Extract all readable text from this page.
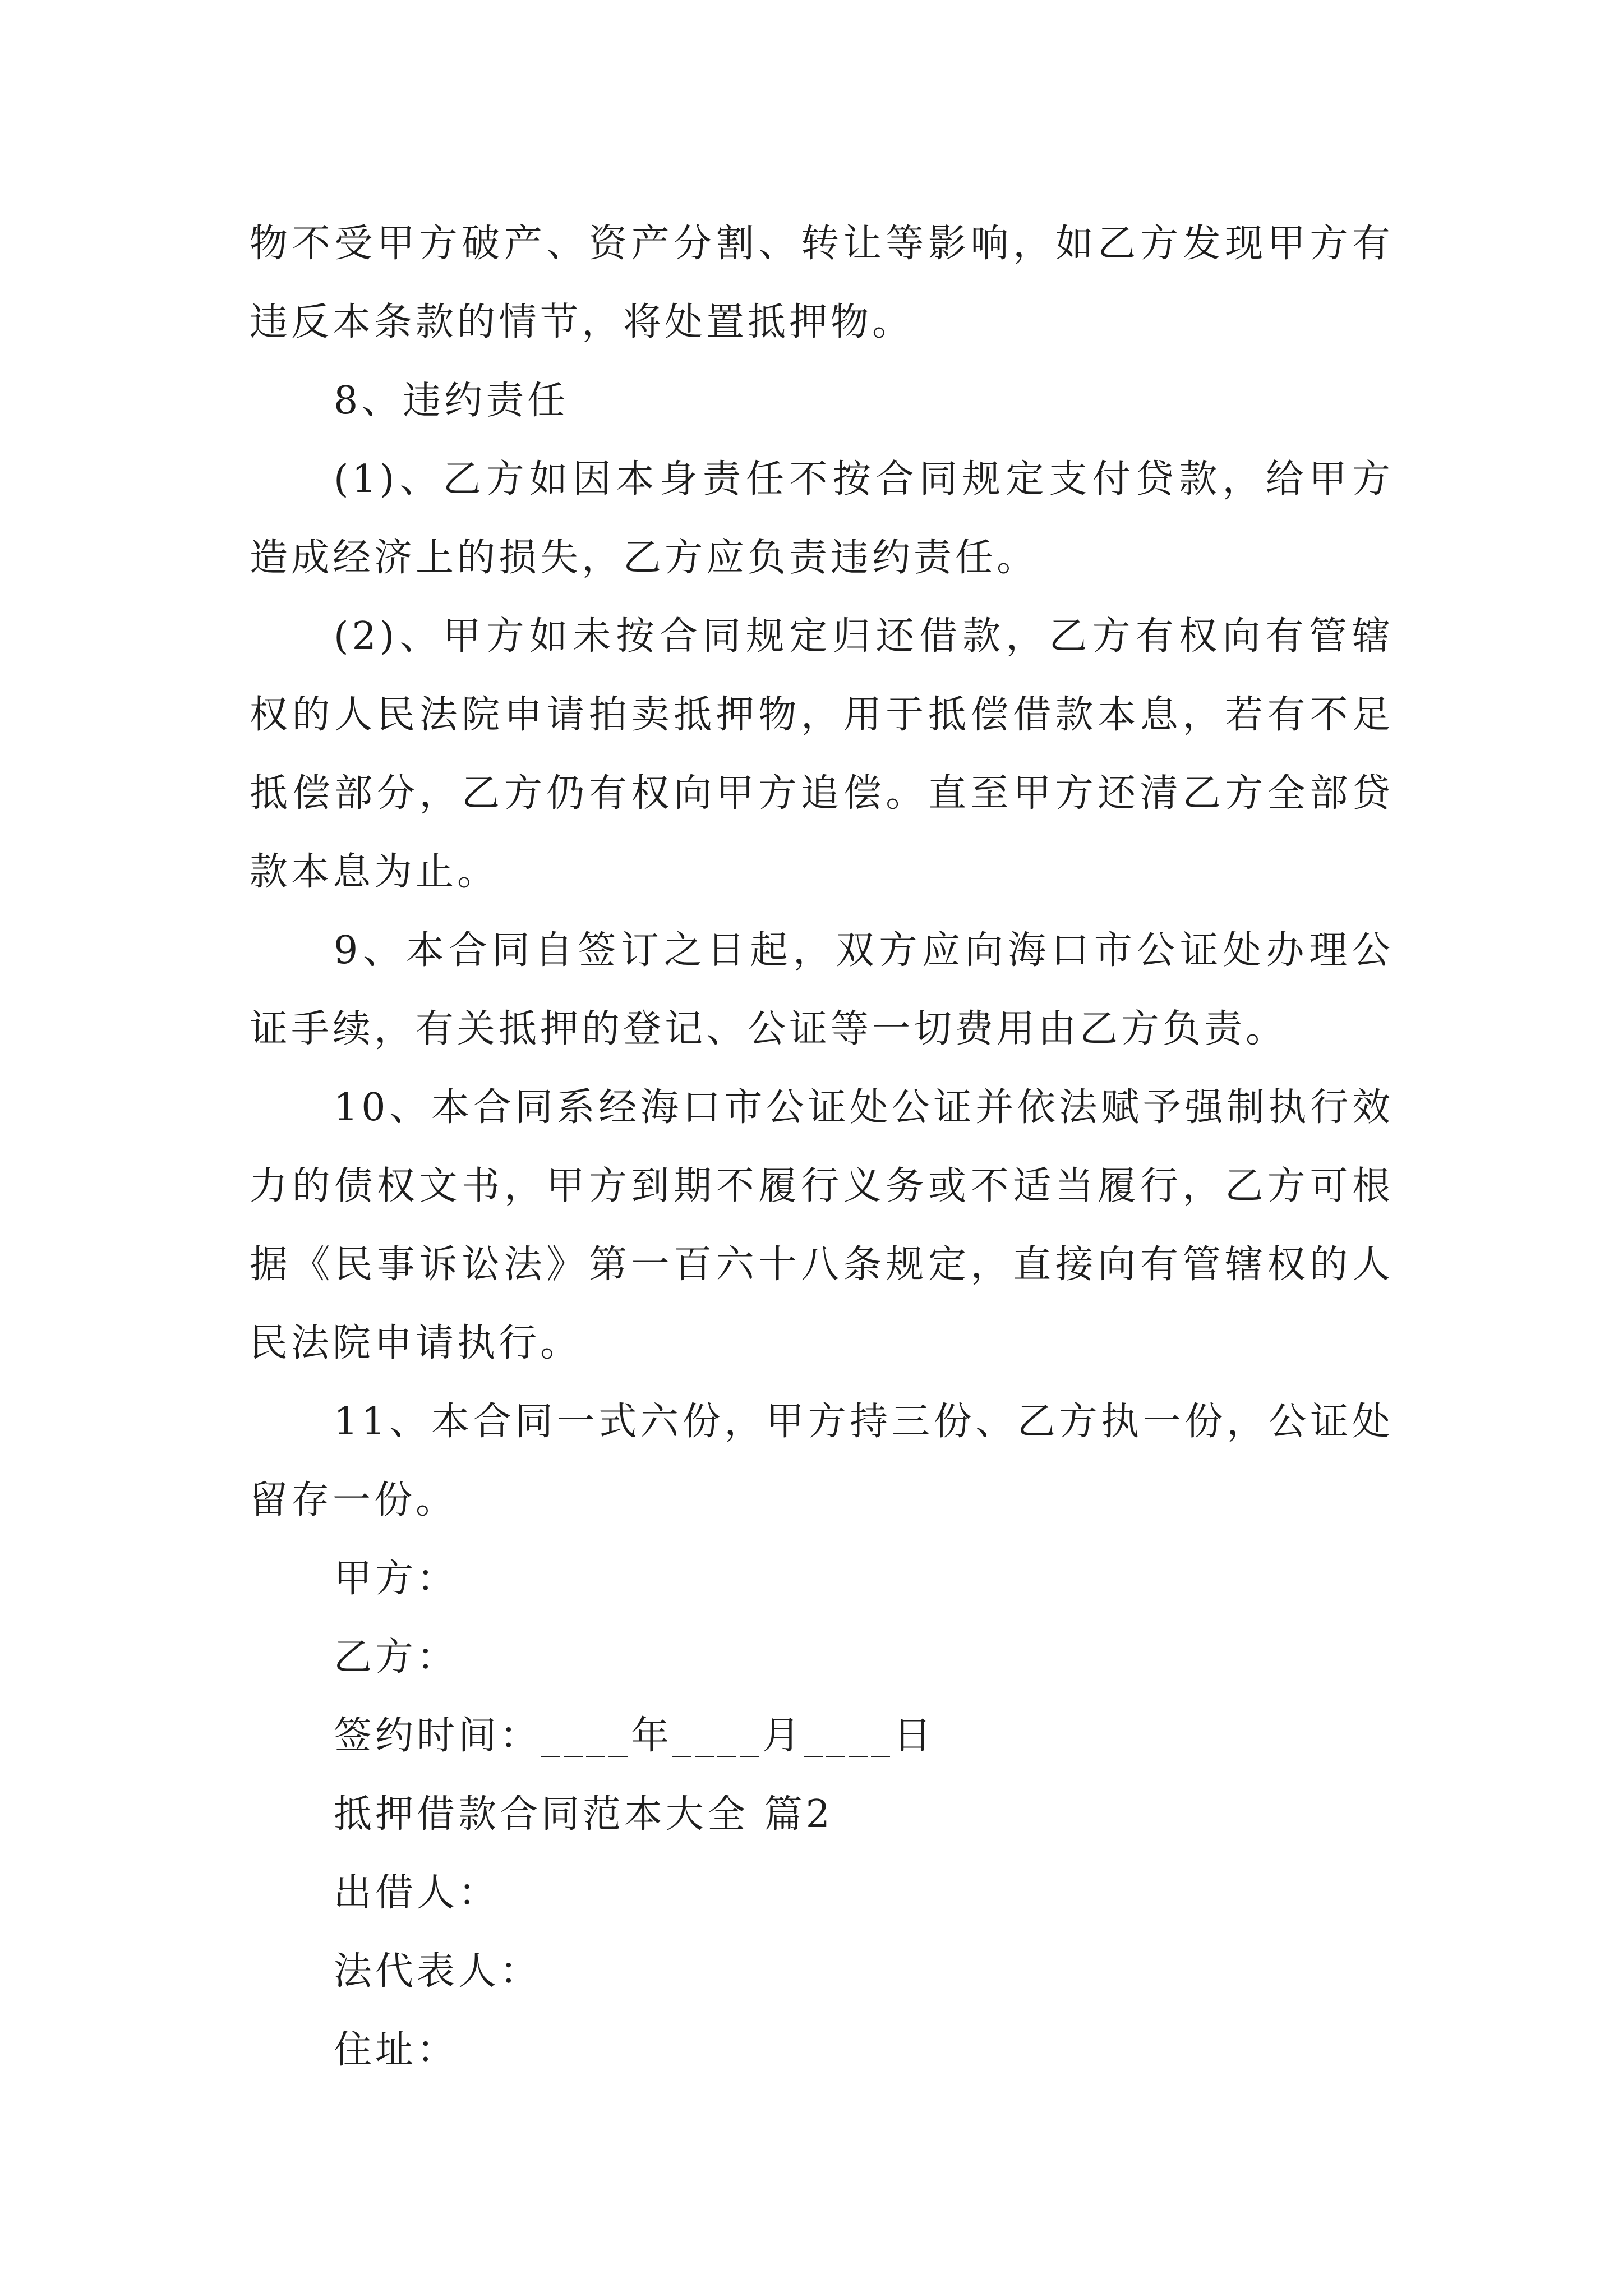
物不受甲方破产、资产分割、转让等影响，如乙方发现甲方有违反本条款的情节，将处置抵押物。

8、违约责任

(1)、乙方如因本身责任不按合同规定支付贷款，给甲方造成经济上的损失，乙方应负责违约责任。

(2)、甲方如未按合同规定归还借款，乙方有权向有管辖权的人民法院申请拍卖抵押物，用于抵偿借款本息，若有不足抵偿部分，乙方仍有权向甲方追偿。直至甲方还清乙方全部贷款本息为止。

9、本合同自签订之日起，双方应向海口市公证处办理公证手续，有关抵押的登记、公证等一切费用由乙方负责。

10、本合同系经海口市公证处公证并依法赋予强制执行效力的债权文书，甲方到期不履行义务或不适当履行，乙方可根据《民事诉讼法》第一百六十八条规定，直接向有管辖权的人民法院申请执行。

11、本合同一式六份，甲方持三份、乙方执一份，公证处留存一份。

甲方：

乙方：

签约时间：____年____月____日

抵押借款合同范本大全 篇2

出借人：

法代表人：

住址：
